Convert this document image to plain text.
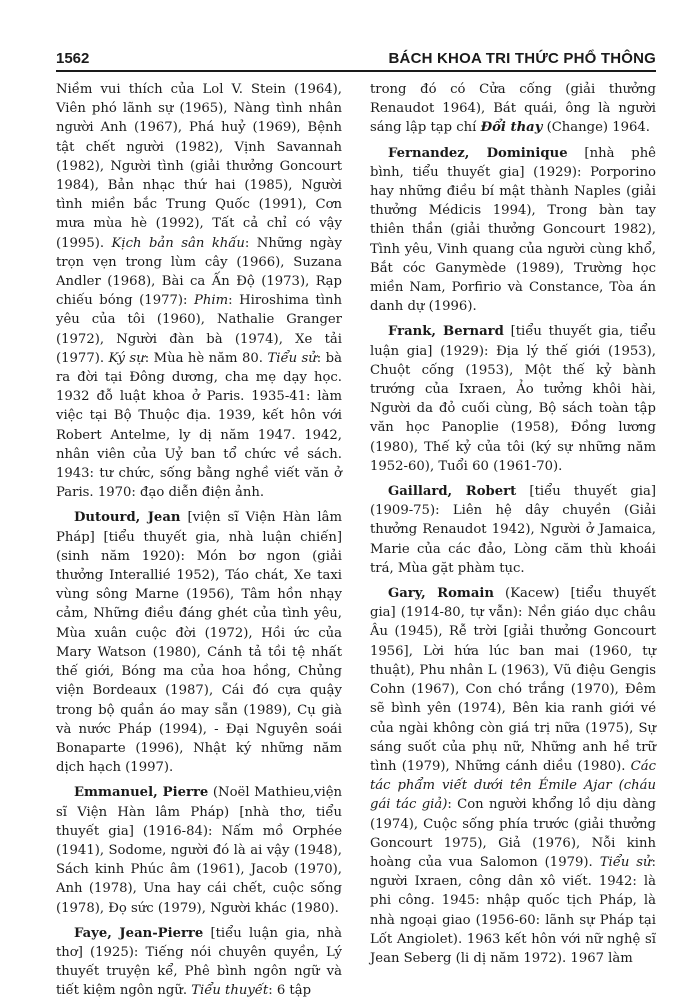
1562	BÁCH KHOA TRI THỨC PHỔ THÔNG

Niềm vui thích của Lol V. Stein (1964), Viên phó lãnh sự (1965), Nàng tình nhân người Anh (1967), Phá huỷ (1969), Bệnh tật chết người (1982), Vịnh Savannah (1982), Người tình (giải thưởng Goncourt 1984), Bản nhạc thứ hai (1985), Người tình miền bắc Trung Quốc (1991), Cơn mưa mùa hè (1992), Tất cả chỉ có vậy (1995). Kịch bản sân khấu: Những ngày trọn vẹn trong lùm cây (1966), Suzana Andler (1968), Bài ca Ấn Độ (1973), Rạp chiếu bóng (1977): Phim: Hiroshima tình yêu của tôi (1960), Nathalie Granger (1972), Người đàn bà (1974), Xe tải (1977). Ký sự: Mùa hè năm 80. Tiểu sử: bà ra đời tại Đông dương, cha mẹ dạy học. 1932 đỗ luật khoa ở Paris. 1935-41: làm việc tại Bộ Thuộc địa. 1939, kết hôn với Robert Antelme, ly dị năm 1947. 1942, nhân viên của Uỷ ban tổ chức về sách. 1943: tư chức, sống bằng nghề viết văn ở Paris. 1970: đạo diễn điện ảnh.

Dutourd, Jean [viện sĩ Viện Hàn lâm Pháp] [tiểu thuyết gia, nhà luận chiến] (sinh năm 1920): Món bơ ngon (giải thưởng Interallié 1952), Táo chát, Xe taxi vùng sông Marne (1956), Tâm hồn nhạy cảm, Những điều đáng ghét của tình yêu, Mùa xuân cuộc đời (1972), Hồi ức của Mary Watson (1980), Cánh tả tồi tệ nhất thế giới, Bóng ma của hoa hồng, Chủng viện Bordeaux (1987), Cái đó cựa quậy trong bộ quần áo may sẵn (1989), Cụ già và nước Pháp (1994), - Đại Nguyên soái Bonaparte (1996), Nhật ký những năm dịch hạch (1997).

Emmanuel, Pierre (Noël Mathieu,viện sĩ Viện Hàn lâm Pháp) [nhà thơ, tiểu thuyết gia] (1916-84): Nấm mồ Orphée (1941), Sodome, người đó là ai vậy (1948), Sách kinh Phúc âm (1961), Jacob (1970), Anh (1978), Una hay cái chết, cuộc sống (1978), Đọ sức (1979), Người khác (1980).

Faye, Jean-Pierre [tiểu luận gia, nhà thơ] (1925): Tiếng nói chuyên quyền, Lý thuyết truyện kể, Phê bình ngôn ngữ và tiết kiệm ngôn ngữ. Tiểu thuyết: 6 tập

trong đó có Cửa cống (giải thưởng Renaudot 1964), Bát quái, ông là người sáng lập tạp chí Đổi thay (Change) 1964.

Fernandez, Dominique [nhà phê bình, tiểu thuyết gia] (1929): Porporino hay những điều bí mật thành Naples (giải thưởng Médicis 1994), Trong bàn tay thiên thần (giải thưởng Goncourt 1982), Tình yêu, Vinh quang của người cùng khổ, Bắt cóc Ganymède (1989), Trường học miền Nam, Porfirio và Constance, Tòa án danh dự (1996).

Frank, Bernard [tiểu thuyết gia, tiểu luận gia] (1929): Địa lý thế giới (1953), Chuột cống (1953), Một thế kỷ bành trướng của Ixraen, Ảo tưởng khôi hài, Người da đỏ cuối cùng, Bộ sách toàn tập văn học Panoplie (1958), Đồng lương (1980), Thế kỷ của tôi (ký sự những năm 1952-60), Tuổi 60 (1961-70).

Gaillard, Robert [tiểu thuyết gia] (1909-75): Liên hệ dây chuyền (Giải thưởng Renaudot 1942), Người ở Jamaica, Marie của các đảo, Lòng căm thù khoái trá, Mùa gặt phàm tục.

Gary, Romain (Kacew) [tiểu thuyết gia] (1914-80, tự vẫn): Nền giáo dục châu Âu (1945), Rễ trời [giải thưởng Goncourt 1956], Lời hứa lúc ban mai (1960, tự thuật), Phu nhân L (1963), Vũ điệu Gengis Cohn (1967), Con chó trắng (1970), Đêm sẽ bình yên (1974), Bên kia ranh giới vé của ngài không còn giá trị nữa (1975), Sự sáng suốt của phụ nữ, Những anh hề trữ tình (1979), Những cánh diều (1980). Các tác phẩm viết dưới tên Émile Ajar (cháu gái tác giả): Con người khổng lồ dịu dàng (1974), Cuộc sống phía trước (giải thưởng Goncourt 1975), Giả (1976), Nỗi kinh hoàng của vua Salomon (1979). Tiểu sử: người Ixraen, công dân xô viết. 1942: là phi công. 1945: nhập quốc tịch Pháp, là nhà ngoại giao (1956-60: lãnh sự Pháp tại Lốt Angiolet). 1963 kết hôn với nữ nghệ sĩ Jean Seberg (li dị năm 1972). 1967 làm
